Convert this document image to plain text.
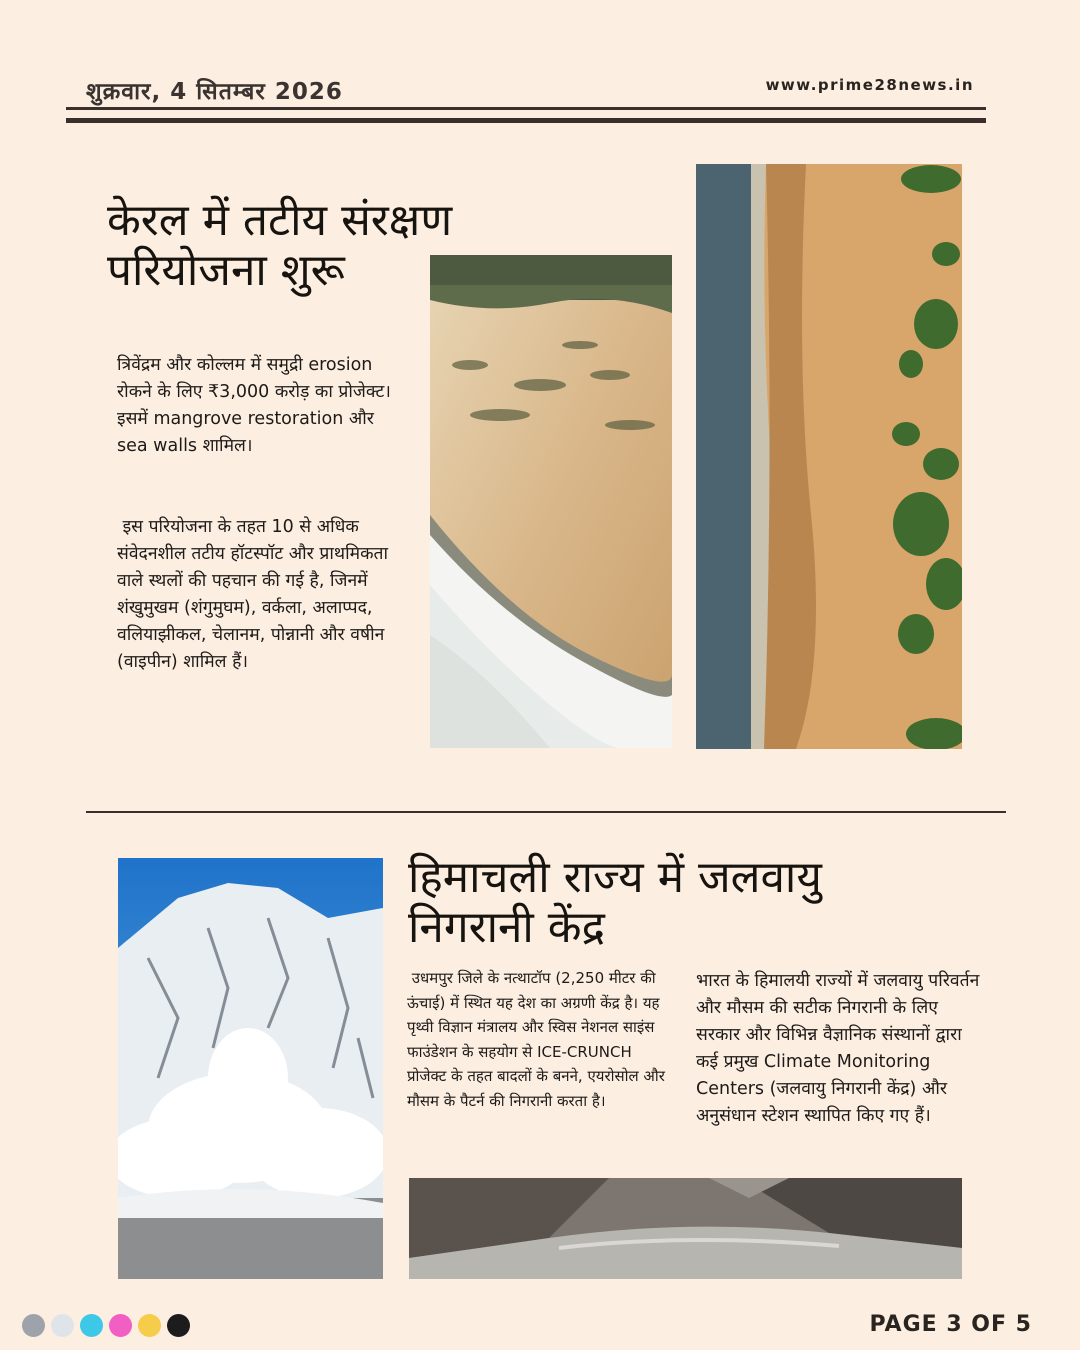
शुक्रवार, 4 सितम्बर 2026	www.prime28news.in
केरल में तटीय संरक्षण परियोजना शुरू

त्रिवेंद्रम और कोल्लम में समुद्री erosion रोकने के लिए ₹3,000 करोड़ का प्रोजेक्ट। इसमें mangrove restoration और sea walls शामिल।

इस परियोजना के तहत 10 से अधिक संवेदनशील तटीय हॉटस्पॉट और प्राथमिकता वाले स्थलों की पहचान की गई है, जिनमें शंखुमुखम (शंगुमुघम), वर्कला, अलाप्पद, वलियाझीकल, चेलानम, पोन्नानी और वषीन (वाइपीन) शामिल हैं।

हिमाचली राज्य में जलवायु निगरानी केंद्र

उधमपुर जिले के नत्थाटॉप (2,250 मीटर की ऊंचाई) में स्थित यह देश का अग्रणी केंद्र है। यह पृथ्वी विज्ञान मंत्रालय और स्विस नेशनल साइंस फाउंडेशन के सहयोग से ICE-CRUNCH प्रोजेक्ट के तहत बादलों के बनने, एयरोसोल और मौसम के पैटर्न की निगरानी करता है।

भारत के हिमालयी राज्यों में जलवायु परिवर्तन और मौसम की सटीक निगरानी के लिए सरकार और विभिन्न वैज्ञानिक संस्थानों द्वारा कई प्रमुख Climate Monitoring Centers (जलवायु निगरानी केंद्र) और अनुसंधान स्टेशन स्थापित किए गए हैं।

PAGE 3 OF 5
